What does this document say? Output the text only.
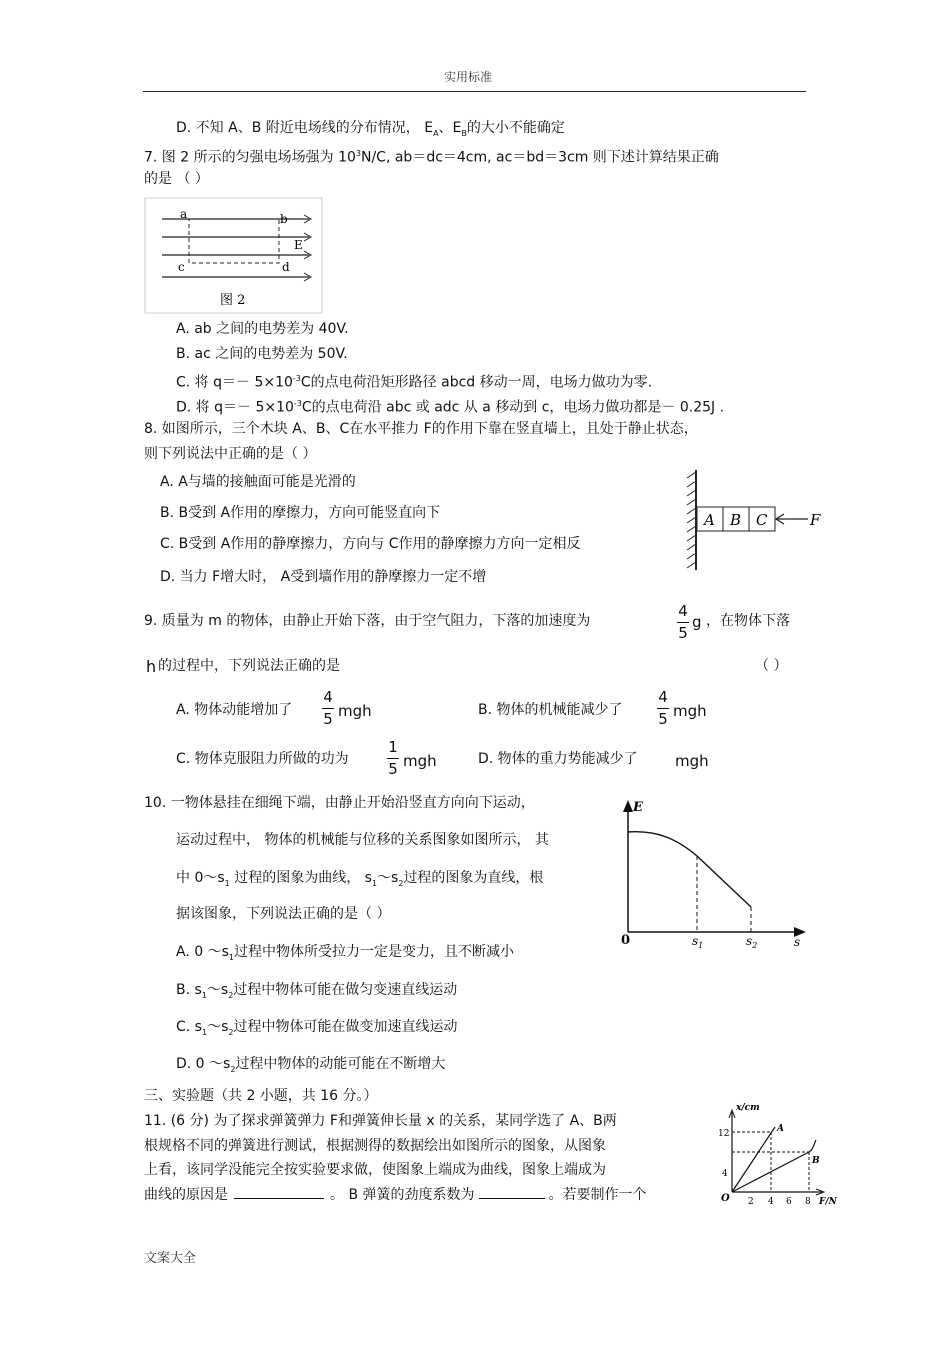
实用标准
D. 不知 A、B 附近电场线的分布情况， $E_A$、$E_B$的大小不能确定
7. 图 2 所示的匀强电场场强为 $10^3N/C$, ab＝dc＝4cm, ac＝bd＝3cm 则下述计算结果正确
的是 （ ）
a	b
c	d
E
图 2
A. ab 之间的电势差为 40V.
B. ac 之间的电势差为 50V.
C. 将 $q=- 5\times 10^{-3}C$的点电荷沿矩形路径 abcd 移动一周，电场力做功为零.
D. 将 $q=- 5\times 10^{-3}C$的点电荷沿 abc 或 adc 从 a 移动到 c，电场力做功都是－ 0.25J .
8. 如图所示，三个木块 A、B、C在水平推力 F的作用下靠在竖直墙上，且处于静止状态，
则下列说法中正确的是（ ）
A. A与墙的接触面可能是光滑的
B. B受到 A作用的摩擦力，方向可能竖直向下
C. B受到 A作用的静摩擦力，方向与 C作用的静摩擦力方向一定相反
D. 当力 F增大时， A受到墙作用的静摩擦力一定不增
A B C	F
9. 质量为 m 的物体，由静止开始下落，由于空气阻力，下落的加速度为
4
5
g ，在物体下落
h 的过程中，下列说法正确的是	（ ）
A. 物体动能增加了
4
5 mgh	B. 物体的机械能减少了
4
5 mgh
C. 物体克服阻力所做的功为
1
5 mgh	D. 物体的重力势能减少了 mgh
10. 一物体悬挂在细绳下端，由静止开始沿竖直方向向下运动，
运动过程中， 物体的机械能与位移的关系图象如图所示， 其
中 $0\sim s_1$ 过程的图象为曲线， $s_1\sim s_2$过程的图象为直线，根
据该图象，下列说法正确的是（ ）
A. 0 $\sim s_1$过程中物体所受拉力一定是变力，且不断减小
B. $s_1\sim s_2$过程中物体可能在做匀变速直线运动
C. $s_1\sim s_2$过程中物体可能在做变加速直线运动
D. 0 $\sim s_2$过程中物体的动能可能在不断增大
E
0	$s_1$	$s_2$	s
三、实验题（共 2 小题，共 16 分。）
11. (6 分) 为了探求弹簧弹力 F和弹簧伸长量 x 的关系，某同学选了 A、B两
根规格不同的弹簧进行测试，根据测得的数据绘出如图所示的图象，从图象
上看，该同学没能完全按实验要求做，使图象上端成为曲线，图象上端成为
曲线的原因是	。 B 弹簧的劲度系数为	。若要制作一个
x/cm
F/N
O
12
4
2 4 6 8
A
B
文案大全
